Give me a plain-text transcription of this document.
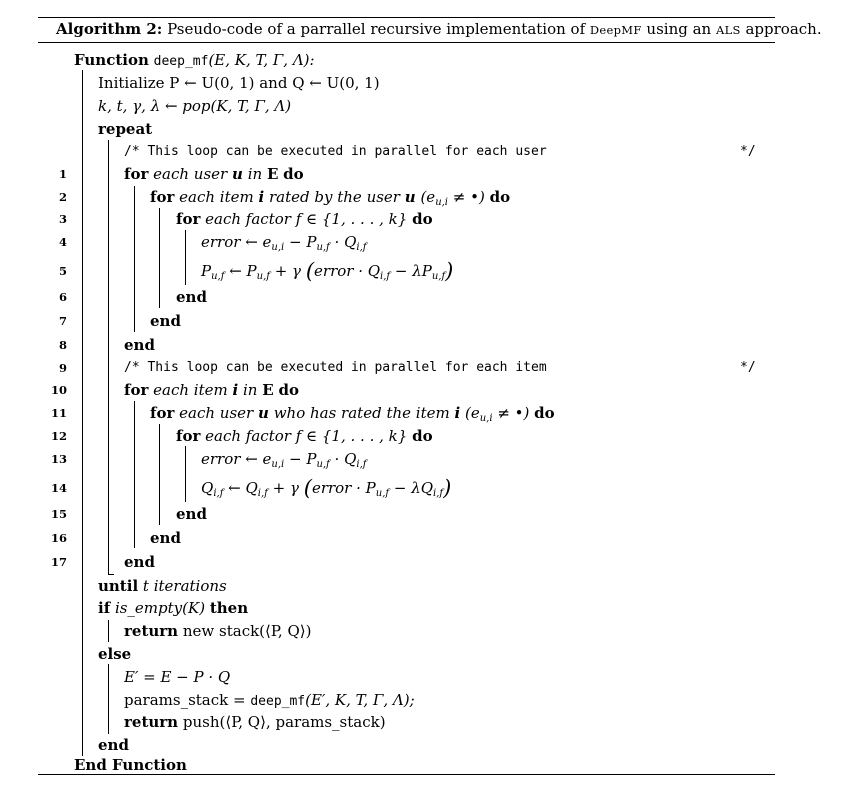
Algorithm 2: Pseudo-code of a parrallel recursive implementation of DeepMF using an ALS approach.
Function deep_mf(E, K, T, Γ, Λ):
Initialize P ← U(0, 1) and Q ← U(0, 1)
k, t, γ, λ ← pop(K, T, Γ, Λ)
repeat
/* This loop can be executed in parallel for each user	*/
1	for each user u in E do
2	for each item i rated by the user u ($e_{u,i}$ ≠ •) do
3	for each factor f ∈ {1, . . . , k} do
4	error ← $e_{u,i} - P_{u,f} \cdot Q_{i,f}$
5	$P_{u,f}$ ← $P_{u,f} + \gamma$ (error · $Q_{i,f} - \lambda P_{u,f}$)
6	end
7	end
8	end
9	/* This loop can be executed in parallel for each item	*/
10	for each item i in E do
11	for each user u who has rated the item i ($e_{u,i}$ ≠ •) do
12	for each factor f ∈ {1, . . . , k} do
13	error ← $e_{u,i} - P_{u,f} \cdot Q_{i,f}$
14	$Q_{i,f}$ ← $Q_{i,f} + \gamma$ (error · $P_{u,f} - \lambda Q_{i,f}$)
15	end
16	end
17	end
until t iterations
if is_empty(K) then
return new stack(⟨P, Q⟩)
else
E′ = E − P · Q
params_stack = deep_mf(E′, K, T, Γ, Λ);
return push(⟨P, Q⟩, params_stack)
end
End Function
